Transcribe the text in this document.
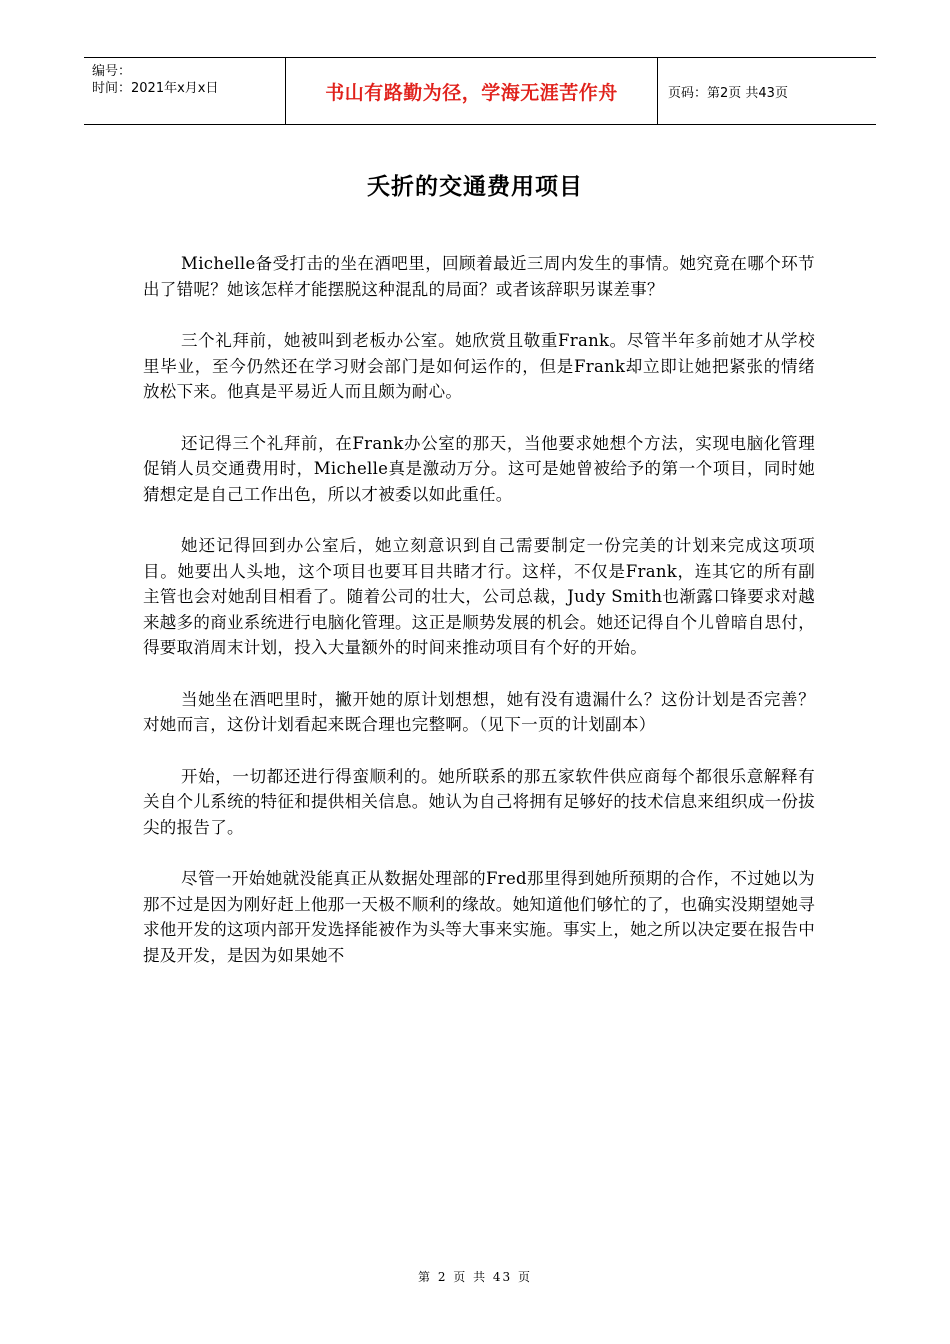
编号：
时间：2021年x月x日	书山有路勤为径，学海无涯苦作舟	页码：第2页 共43页
夭折的交通费用项目

Michelle备受打击的坐在酒吧里，回顾着最近三周内发生的事情。她究竟在哪个环节出了错呢？她该怎样才能摆脱这种混乱的局面？或者该辞职另谋差事？

三个礼拜前，她被叫到老板办公室。她欣赏且敬重Frank。尽管半年多前她才从学校里毕业，至今仍然还在学习财会部门是如何运作的，但是Frank却立即让她把紧张的情绪放松下来。他真是平易近人而且颇为耐心。

还记得三个礼拜前，在Frank办公室的那天，当他要求她想个方法，实现电脑化管理促销人员交通费用时，Michelle真是激动万分。这可是她曾被给予的第一个项目，同时她猜想定是自己工作出色，所以才被委以如此重任。

她还记得回到办公室后，她立刻意识到自己需要制定一份完美的计划来完成这项项目。她要出人头地，这个项目也要耳目共睹才行。这样，不仅是Frank，连其它的所有副主管也会对她刮目相看了。随着公司的壮大，公司总裁，Judy Smith也渐露口锋要求对越来越多的商业系统进行电脑化管理。这正是顺势发展的机会。她还记得自个儿曾暗自思付，得要取消周末计划，投入大量额外的时间来推动项目有个好的开始。

当她坐在酒吧里时，撇开她的原计划想想，她有没有遗漏什么？这份计划是否完善？对她而言，这份计划看起来既合理也完整啊。（见下一页的计划副本）

开始，一切都还进行得蛮顺利的。她所联系的那五家软件供应商每个都很乐意解释有关自个儿系统的特征和提供相关信息。她认为自己将拥有足够好的技术信息来组织成一份拔尖的报告了。

尽管一开始她就没能真正从数据处理部的Fred那里得到她所预期的合作，不过她以为那不过是因为刚好赶上他那一天极不顺利的缘故。她知道他们够忙的了，也确实没期望她寻求他开发的这项内部开发选择能被作为头等大事来实施。事实上，她之所以决定要在报告中提及开发，是因为如果她不

第 2 页 共 43 页
